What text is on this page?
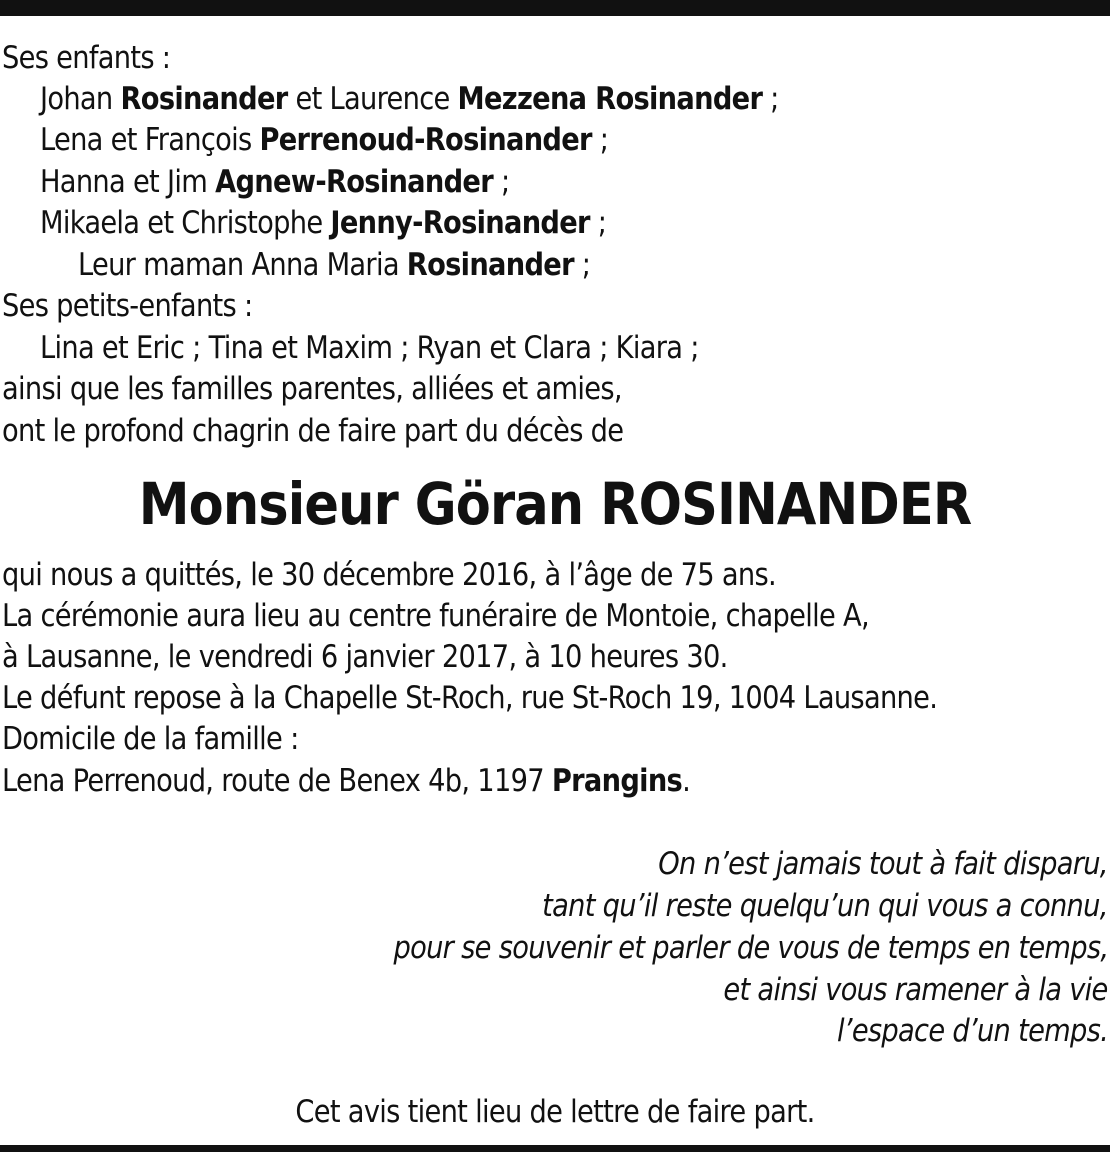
Ses enfants :
Johan Rosinander et Laurence Mezzena Rosinander ;
Lena et François Perrenoud-Rosinander ;
Hanna et Jim Agnew-Rosinander ;
Mikaela et Christophe Jenny-Rosinander ;
Leur maman Anna Maria Rosinander ;
Ses petits-enfants :
Lina et Eric ; Tina et Maxim ; Ryan et Clara ; Kiara ;
ainsi que les familles parentes, alliées et amies,
ont le profond chagrin de faire part du décès de
Monsieur Göran ROSINANDER
qui nous a quittés, le 30 décembre 2016, à l’âge de 75 ans.
La cérémonie aura lieu au centre funéraire de Montoie, chapelle A,
à Lausanne, le vendredi 6 janvier 2017, à 10 heures 30.
Le défunt repose à la Chapelle St-Roch, rue St-Roch 19, 1004 Lausanne.
Domicile de la famille :
Lena Perrenoud, route de Benex 4b, 1197 Prangins.
On n’est jamais tout à fait disparu,
tant qu’il reste quelqu’un qui vous a connu,
pour se souvenir et parler de vous de temps en temps,
et ainsi vous ramener à la vie
l’espace d’un temps.
Cet avis tient lieu de lettre de faire part.
